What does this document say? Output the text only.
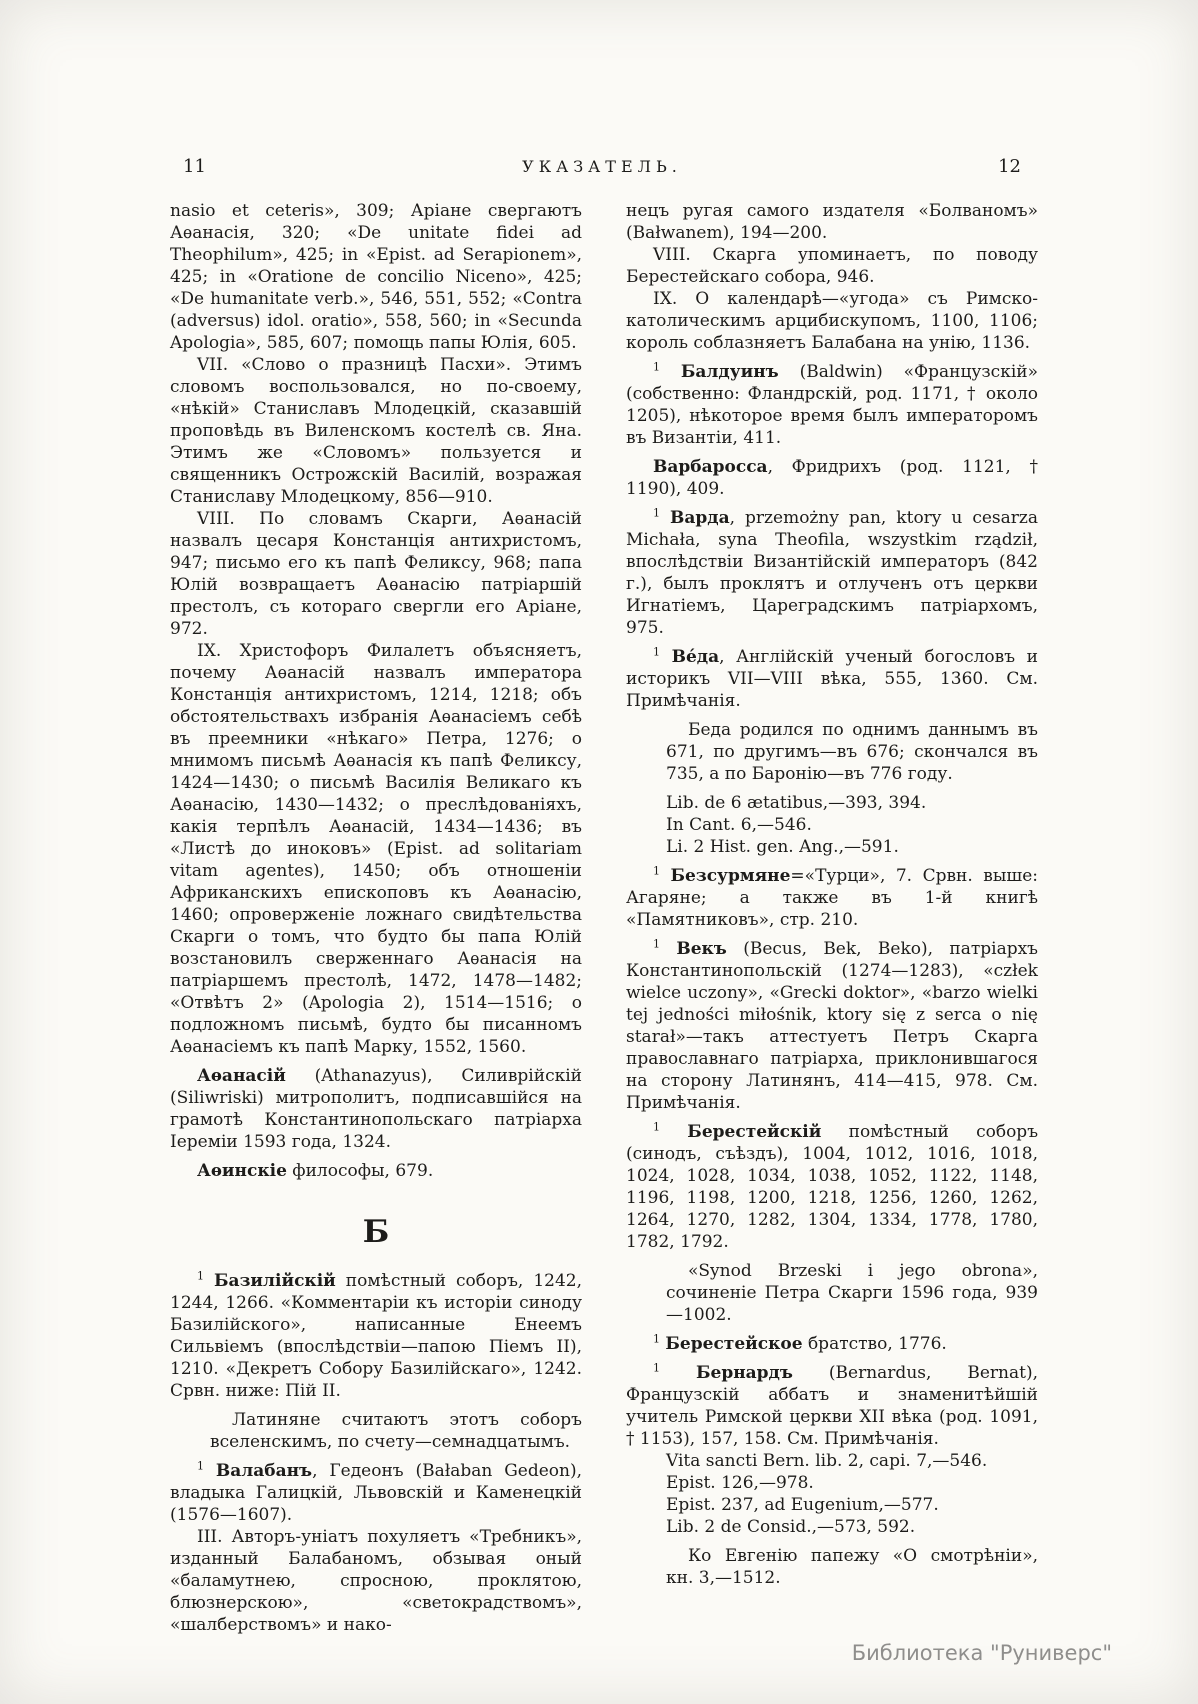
11	УКАЗАТЕЛЬ.	12
nasio et ceteris», 309; Аріане свергаютъ Аѳанасія, 320; «De unitate fidei ad Theophilum», 425; in «Epist. ad Serapionem», 425; in «Oratione de concilio Niceno», 425; «De humanitate verb.», 546, 551, 552; «Contra (adversus) idol. oratio», 558, 560; in «Secunda Apologia», 585, 607; помощь папы Юлія, 605.
VII. «Слово о празницѣ Пасхи». Этимъ словомъ воспользовался, но по-своему, «нѣкій» Станиславъ Млодецкій, сказавшій проповѣдь въ Виленскомъ костелѣ св. Яна. Этимъ же «Словомъ» пользуется и священникъ Острожскій Василій, возражая Станиславу Млодецкому, 856—910.
VIII. По словамъ Скарги, Аѳанасій назвалъ цесаря Констанція антихристомъ, 947; письмо его къ папѣ Феликсу, 968; папа Юлій возвращаетъ Аѳанасію патріаршій престолъ, съ котораго свергли его Аріане, 972.
IX. Христофоръ Филалетъ объясняетъ, почему Аѳанасій назвалъ императора Констанція антихристомъ, 1214, 1218; объ обстоятельствахъ избранія Аѳанасіемъ себѣ въ преемники «нѣкаго» Петра, 1276; о мнимомъ письмѣ Аѳанасія къ папѣ Феликсу, 1424—1430; о письмѣ Василія Великаго къ Аѳанасію, 1430—1432; о преслѣдованіяхъ, какія терпѣлъ Аѳанасій, 1434—1436; въ «Листѣ до иноковъ» (Epist. ad solitariam vitam agentes), 1450; объ отношеніи Африканскихъ епископовъ къ Аѳанасію, 1460; опроверженіе ложнаго свидѣтельства Скарги о томъ, что будто бы папа Юлій возстановилъ сверженнаго Аѳанасія на патріаршемъ престолѣ, 1472, 1478—1482; «Отвѣтъ 2» (Apologia 2), 1514—1516; о подложномъ письмѣ, будто бы писанномъ Аѳанасіемъ къ папѣ Марку, 1552, 1560.
Аѳанасій (Athanazyus), Силиврійскій (Siliwriski) митрополитъ, подписавшійся на грамотѣ Константинопольскаго патріарха Іереміи 1593 года, 1324.
Аѳинскіе философы, 679.
Б
$^1$ Базилійскій помѣстный соборъ, 1242, 1244, 1266. «Комментаріи къ исторіи синоду Базилійского», написанные Енеемъ Сильвіемъ (впослѣдствіи—папою Піемъ II), 1210. «Декретъ Собору Базилійскаго», 1242. Срвн. ниже: Пій II.
Латиняне считаютъ этотъ соборъ вселенскимъ, по счету—семнадцатымъ.
$^1$ Валабанъ, Гедеонъ (Bałaban Gedeon), владыка Галицкій, Львовскій и Каменецкій (1576—1607).
III. Авторъ-уніатъ похуляетъ «Требникъ», изданный Балабаномъ, обзывая оный «баламутнею, спросною, проклятою, блюзнерскою», «светокрадствомъ», «шалберствомъ» и нако-
нецъ ругая самого издателя «Болваномъ» (Bałwanem), 194—200.
VIII. Скарга упоминаетъ, по поводу Берестейскаго собора, 946.
IX. О календарѣ—«угода» съ Римско-католическимъ арцибискупомъ, 1100, 1106; король соблазняетъ Балабана на унію, 1136.
$^1$ Балдуинъ (Baldwin) «Французскій» (собственно: Фландрскій, род. 1171, † около 1205), нѣкоторое время былъ императоромъ въ Византіи, 411.
Варбаросса, Фридрихъ (род. 1121, † 1190), 409.
$^1$ Варда, przemożny pan, ktory u cesarza Michała, syna Theofila, wszystkim rządził, впослѣдствіи Византійскій императоръ (842 г.), былъ проклятъ и отлученъ отъ церкви Игнатіемъ, Цареградскимъ патріархомъ, 975.
$^1$ Ве́да, Англійскій ученый богословъ и историкъ VII—VIII вѣка, 555, 1360. См. Примѣчанія.
Беда родился по однимъ даннымъ въ 671, по другимъ—въ 676; скончался въ 735, а по Баронію—въ 776 году.
Lib. de 6 ætatibus,—393, 394.
In Cant. 6,—546.
Li. 2 Hist. gen. Ang.,—591.
$^1$ Безсурмяне=«Турци», 7. Срвн. выше: Агаряне; а также въ 1-й книгѣ «Памятниковъ», стр. 210.
$^1$ Векъ (Becus, Bek, Beko), патріархъ Константинопольскій (1274—1283), «człek wielce uczony», «Grecki doktor», «barzo wielki tej jedności miłośnik, ktory się z serca o nię starał»—такъ аттестуетъ Петръ Скарга православнаго патріарха, приклонившагося на сторону Латинянъ, 414—415, 978. См. Примѣчанія.
$^1$ Берестейскій помѣстный соборъ (синодъ, съѣздъ), 1004, 1012, 1016, 1018, 1024, 1028, 1034, 1038, 1052, 1122, 1148, 1196, 1198, 1200, 1218, 1256, 1260, 1262, 1264, 1270, 1282, 1304, 1334, 1778, 1780, 1782, 1792.
«Synod Brzeski i jego obrona», сочиненіе Петра Скарги 1596 года, 939—1002.
$^1$ Берестейское братство, 1776.
$^1$ Бернардъ (Bernardus, Bernat), Французскій аббатъ и знаменитѣйшій учитель Римской церкви XII вѣка (род. 1091, † 1153), 157, 158. См. Примѣчанія.
Vita sancti Bern. lib. 2, capi. 7,—546.
Epist. 126,—978.
Epist. 237, ad Eugenium,—577.
Lib. 2 de Consid.,—573, 592.
Ко Евгенію папежу «О смотрѣніи», кн. 3,—1512.
Библиотека "Руниверс"
